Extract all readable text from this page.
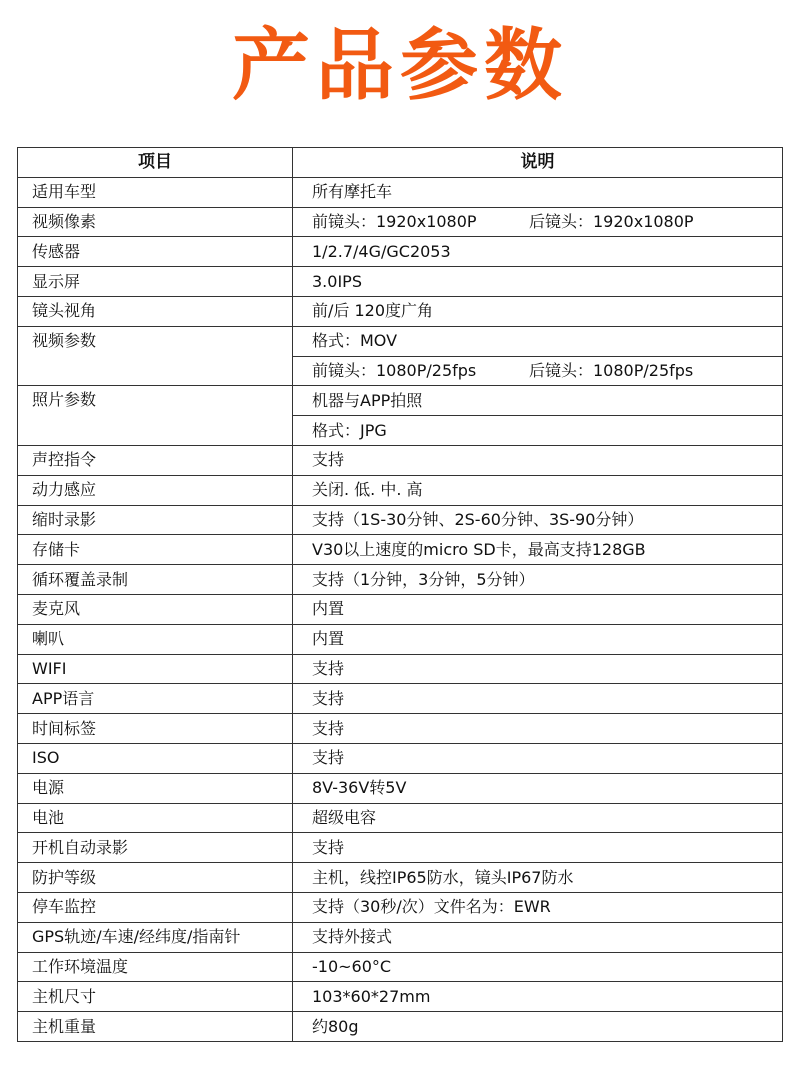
产品参数
项目	说明
适用车型	所有摩托车
视频像素	前镜头：1920x1080P 后镜头：1920x1080P

传感器	1/2.7/4G/GC2053
显示屏	3.0IPS
镜头视角	前/后 120度广角
视频参数	格式：MOV

	前镜头：1080P/25fps 后镜头：1080P/25fps

照片参数	机器与APP拍照
	格式：JPG
声控指令	支持
动力感应	关闭. 低. 中. 高
缩时录影	支持（1S-30分钟、2S-60分钟、3S-90分钟）
存储卡	V30以上速度的micro SD卡，最高支持128GB
循环覆盖录制	支持（1分钟，3分钟，5分钟）
麦克风	内置
喇叭	内置
WIFI	支持
APP语言	支持
时间标签	支持
ISO	支持
电源	8V-36V转5V
电池	超级电容
开机自动录影	支持
防护等级	主机，线控IP65防水，镜头IP67防水
停车监控	支持（30秒/次）文件名为：EWR
GPS轨迹/车速/经纬度/指南针	支持外接式
工作环境温度	-10~60°C
主机尺寸	103*60*27mm
主机重量	约80g
